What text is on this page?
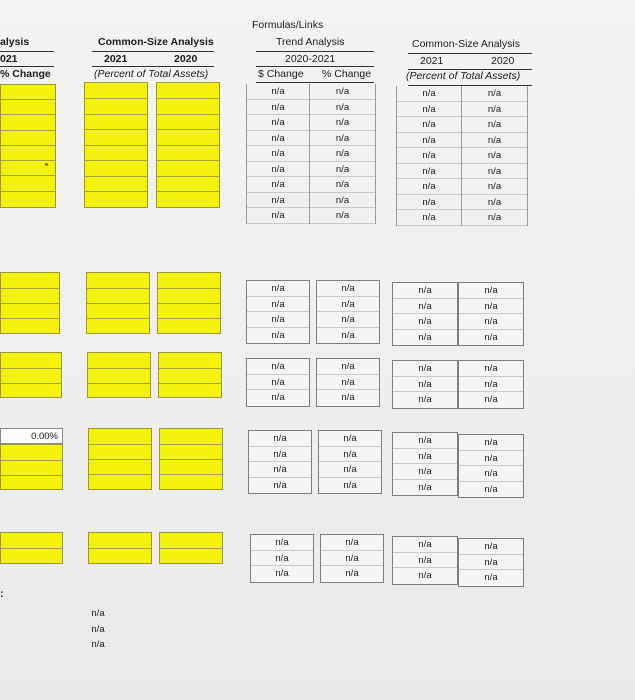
alysis
021
% Change
Common-Size Analysis
2021	2020
(Percent of Total Assets)
Formulas/Links
Trend Analysis
2020-2021
$ Change % Change
Common-Size Analysis
2021	2020
(Percent of Total Assets)
0.00%
:
n/a
n/a
n/a
n/a
n/a
n/a
n/a
n/a
n/a
n/a
n/a
n/a
n/a
n/a
n/a
n/a
n/a
n/a
n/a
n/a
n/a
n/a
n/a
n/a
n/a
n/a
n/a
n/a
n/a
n/a
n/a
n/a
n/a
n/a
n/a
n/a
n/a
n/a
n/a
n/a
n/a
n/a
n/a
n/a
n/a
n/a
n/a
n/a
n/a
n/a
n/a
n/a
n/a
n/a
n/a
n/a
n/a
n/a
n/a
n/a
n/a
n/a
n/a
n/a
n/a
n/a
n/a
n/a
n/a
n/a
n/a
n/a
n/a
n/a
n/a
n/a
n/a
n/a
n/a
n/a
n/a
n/a
n/a
n/a
n/a
n/a
n/a
n/a
n/a
n/a
n/a
n/a
n/a
n/a
n/a
